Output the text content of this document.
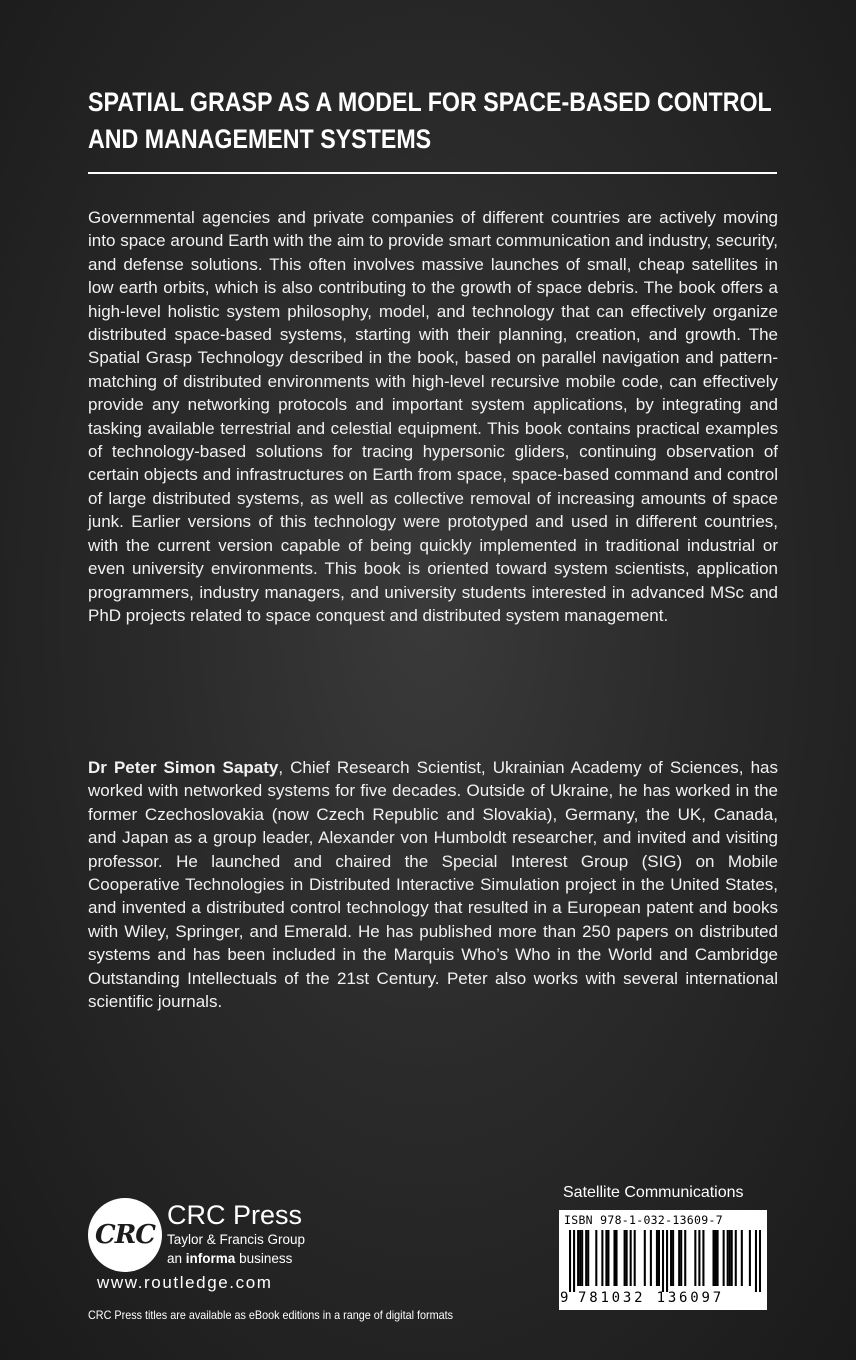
SPATIAL GRASP AS A MODEL FOR SPACE-BASED CONTROL
AND MANAGEMENT SYSTEMS

Governmental agencies and private companies of different countries are actively moving into space around Earth with the aim to provide smart communication and industry, security, and defense solutions. This often involves massive launches of small, cheap satellites in low earth orbits, which is also contributing to the growth of space debris. The book offers a high-level holistic system philosophy, model, and technology that can effectively organize distributed space-based systems, starting with their planning, creation, and growth. The Spatial Grasp Technology described in the book, based on parallel navigation and pattern-matching of distributed environments with high-level recursive mobile code, can effectively provide any networking protocols and important system applications, by integrating and tasking available terrestrial and celestial equipment. This book contains practical examples of technology-based solutions for tracing hypersonic gliders, continuing observation of certain objects and infrastructures on Earth from space, space-based command and control of large distributed systems, as well as collective removal of increasing amounts of space junk. Earlier versions of this technology were prototyped and used in different countries, with the current version capable of being quickly implemented in traditional industrial or even university environments. This book is oriented toward system scientists, application programmers, industry managers, and university students interested in advanced MSc and PhD projects related to space conquest and distributed system management.

Dr Peter Simon Sapaty, Chief Research Scientist, Ukrainian Academy of Sciences, has worked with networked systems for five decades. Outside of Ukraine, he has worked in the former Czechoslovakia (now Czech Republic and Slovakia), Germany, the UK, Canada, and Japan as a group leader, Alexander von Humboldt researcher, and invited and visiting professor. He launched and chaired the Special Interest Group (SIG) on Mobile Cooperative Technologies in Distributed Interactive Simulation project in the United States, and invented a distributed control technology that resulted in a European patent and books with Wiley, Springer, and Emerald. He has published more than 250 papers on distributed systems and has been included in the Marquis Who’s Who in the World and Cambridge Outstanding Intellectuals of the 21st Century. Peter also works with several international scientific journals.

CRC
CRC Press
Taylor & Francis Group
an informa business
www.routledge.com
CRC Press titles are available as eBook editions in a range of digital formats
Satellite Communications
ISBN 978-1-032-13609-7
9 781032 136097
